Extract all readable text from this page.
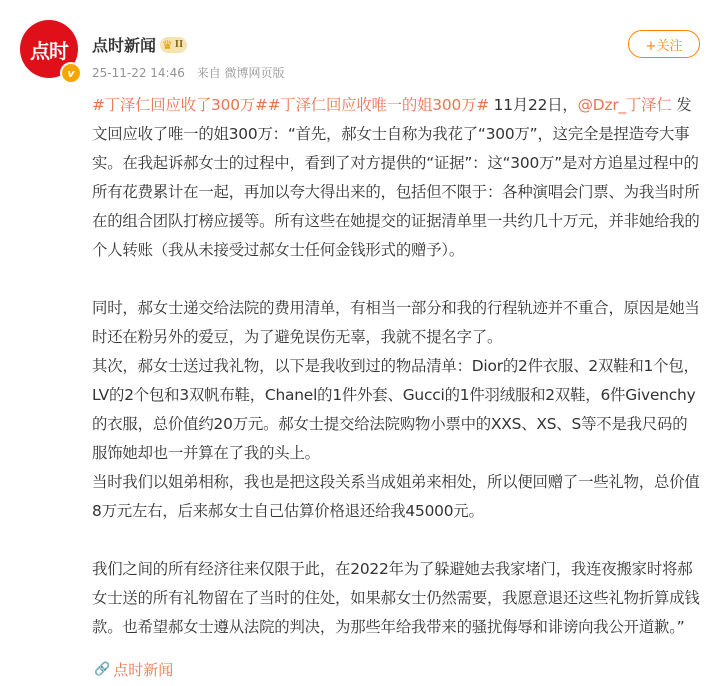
点时
v
点时新闻 ♛ II
25-11-22 14:46 来自 微博网页版
+关注

#丁泽仁回应收了300万##丁泽仁回应收唯一的姐300万# 11月22日，@Dzr_丁泽仁 发文回应收了唯一的姐300万：“首先，郝女士自称为我花了“300万”，这完全是捏造夸大事实。在我起诉郝女士的过程中，看到了对方提供的“证据”：这“300万”是对方追星过程中的所有花费累计在一起，再加以夸大得出来的，包括但不限于：各种演唱会门票、为我当时所在的组合团队打榜应援等。所有这些在她提交的证据清单里一共约几十万元，并非她给我的个人转账（我从未接受过郝女士任何金钱形式的赠予）。

同时，郝女士递交给法院的费用清单，有相当一部分和我的行程轨迹并不重合，原因是她当时还在粉另外的爱豆，为了避免误伤无辜，我就不提名字了。

其次，郝女士送过我礼物，以下是我收到过的物品清单：Dior的2件衣服、2双鞋和1个包，LV的2个包和3双帆布鞋，Chanel的1件外套、Gucci的1件羽绒服和2双鞋，6件Givenchy的衣服，总价值约20万元。郝女士提交给法院购物小票中的XXS、XS、S等不是我尺码的服饰她却也一并算在了我的头上。

当时我们以姐弟相称，我也是把这段关系当成姐弟来相处，所以便回赠了一些礼物，总价值8万元左右，后来郝女士自己估算价格退还给我45000元。

我们之间的所有经济往来仅限于此，在2022年为了躲避她去我家堵门，我连夜搬家时将郝女士送的所有礼物留在了当时的住处，如果郝女士仍然需要，我愿意退还这些礼物折算成钱款。也希望郝女士遵从法院的判决，为那些年给我带来的骚扰侮辱和诽谤向我公开道歉。”

🔗 点时新闻
